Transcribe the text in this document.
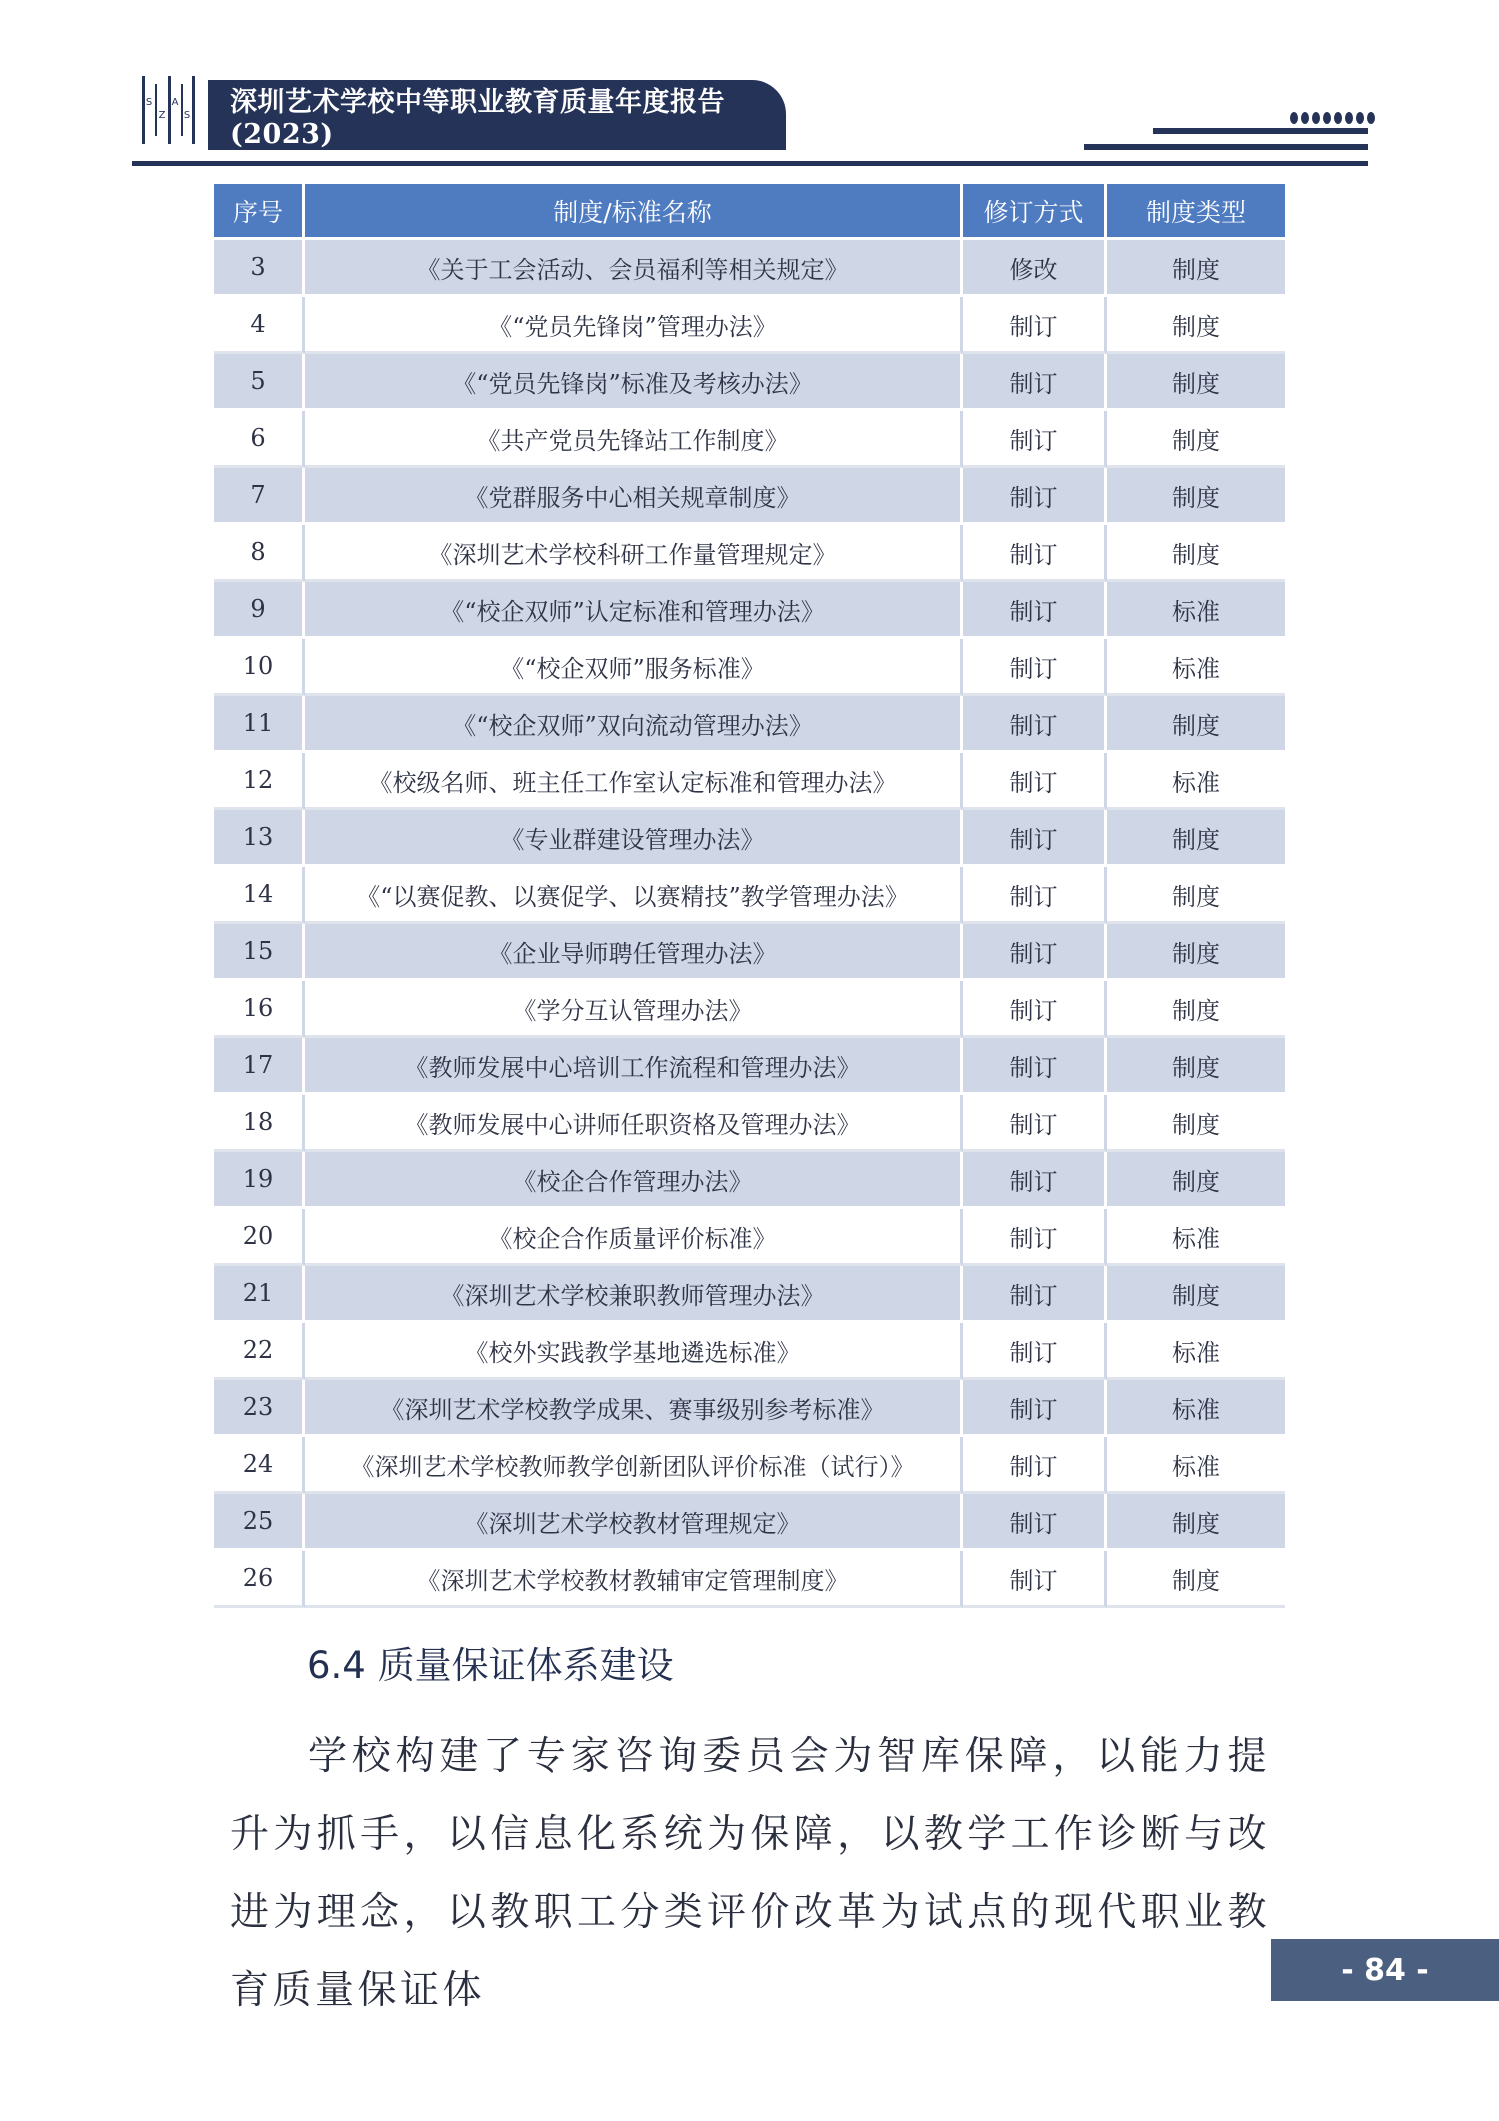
S
Z
A
S 深圳艺术学校中等职业教育质量年度报告(2023)
序号	制度/标准名称	修订方式	制度类型
3	《关于工会活动、会员福利等相关规定》	修改	制度
4	《“党员先锋岗”管理办法》	制订	制度
5	《“党员先锋岗”标准及考核办法》	制订	制度
6	《共产党员先锋站工作制度》	制订	制度
7	《党群服务中心相关规章制度》	制订	制度
8	《深圳艺术学校科研工作量管理规定》	制订	制度
9	《“校企双师”认定标准和管理办法》	制订	标准
10	《“校企双师”服务标准》	制订	标准
11	《“校企双师”双向流动管理办法》	制订	制度
12	《校级名师、班主任工作室认定标准和管理办法》	制订	标准
13	《专业群建设管理办法》	制订	制度
14	《“以赛促教、以赛促学、以赛精技”教学管理办法》	制订	制度
15	《企业导师聘任管理办法》	制订	制度
16	《学分互认管理办法》	制订	制度
17	《教师发展中心培训工作流程和管理办法》	制订	制度
18	《教师发展中心讲师任职资格及管理办法》	制订	制度
19	《校企合作管理办法》	制订	制度
20	《校企合作质量评价标准》	制订	标准
21	《深圳艺术学校兼职教师管理办法》	制订	制度
22	《校外实践教学基地遴选标准》	制订	标准
23	《深圳艺术学校教学成果、赛事级别参考标准》	制订	标准
24	《深圳艺术学校教师教学创新团队评价标准（试行）》	制订	标准
25	《深圳艺术学校教材管理规定》	制订	制度
26	《深圳艺术学校教材教辅审定管理制度》	制订	制度
6.4 质量保证体系建设
学校构建了专家咨询委员会为智库保障，以能力提升为抓手，以信息化系统为保障，以教学工作诊断与改进为理念，以教职工分类评价改革为试点的现代职业教育质量保证体	- 84 -
